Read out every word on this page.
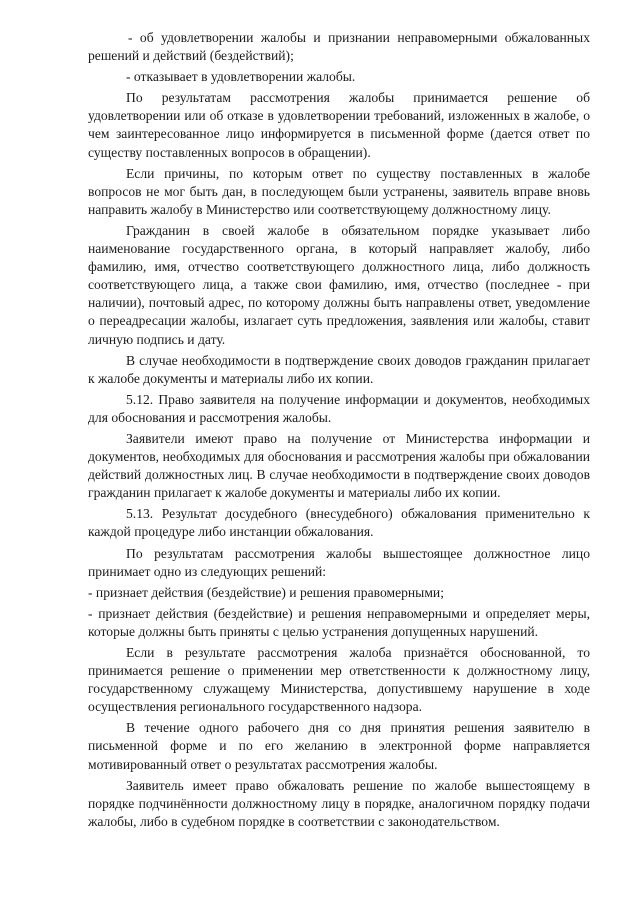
- об удовлетворении жалобы и признании неправомерными обжалованных решений и действий (бездействий);

- отказывает в удовлетворении жалобы.

По результатам рассмотрения жалобы принимается решение об удовлетворении или об отказе в удовлетворении требований, изложенных в жалобе, о чем заинтересованное лицо информируется в письменной форме (дается ответ по существу поставленных вопросов в обращении).

Если причины, по которым ответ по существу поставленных в жалобе вопросов не мог быть дан, в последующем были устранены, заявитель вправе вновь направить жалобу в Министерство или соответствующему должностному лицу.

Гражданин в своей жалобе в обязательном порядке указывает либо наименование государственного органа, в который направляет жалобу, либо фамилию, имя, отчество соответствующего должностного лица, либо должность соответствующего лица, а также свои фамилию, имя, отчество (последнее - при наличии), почтовый адрес, по которому должны быть направлены ответ, уведомление о переадресации жалобы, излагает суть предложения, заявления или жалобы, ставит личную подпись и дату.

В случае необходимости в подтверждение своих доводов гражданин прилагает к жалобе документы и материалы либо их копии.

5.12. Право заявителя на получение информации и документов, необходимых для обоснования и рассмотрения жалобы.

Заявители имеют право на получение от Министерства информации и документов, необходимых для обоснования и рассмотрения жалобы при обжаловании действий должностных лиц. В случае необходимости в подтверждение своих доводов гражданин прилагает к жалобе документы и материалы либо их копии.

5.13. Результат досудебного (внесудебного) обжалования применительно к каждой процедуре либо инстанции обжалования.

По результатам рассмотрения жалобы вышестоящее должностное лицо принимает одно из следующих решений:

- признает действия (бездействие) и решения правомерными;

- признает действия (бездействие) и решения неправомерными и определяет меры, которые должны быть приняты с целью устранения допущенных нарушений.

Если в результате рассмотрения жалоба признаётся обоснованной, то принимается решение о применении мер ответственности к должностному лицу, государственному служащему Министерства, допустившему нарушение в ходе осуществления регионального государственного надзора.

В течение одного рабочего дня со дня принятия решения заявителю в письменной форме и по его желанию в электронной форме направляется мотивированный ответ о результатах рассмотрения жалобы.

Заявитель имеет право обжаловать решение по жалобе вышестоящему в порядке подчинённости должностному лицу в порядке, аналогичном порядку подачи жалобы, либо в судебном порядке в соответствии с законодательством.
